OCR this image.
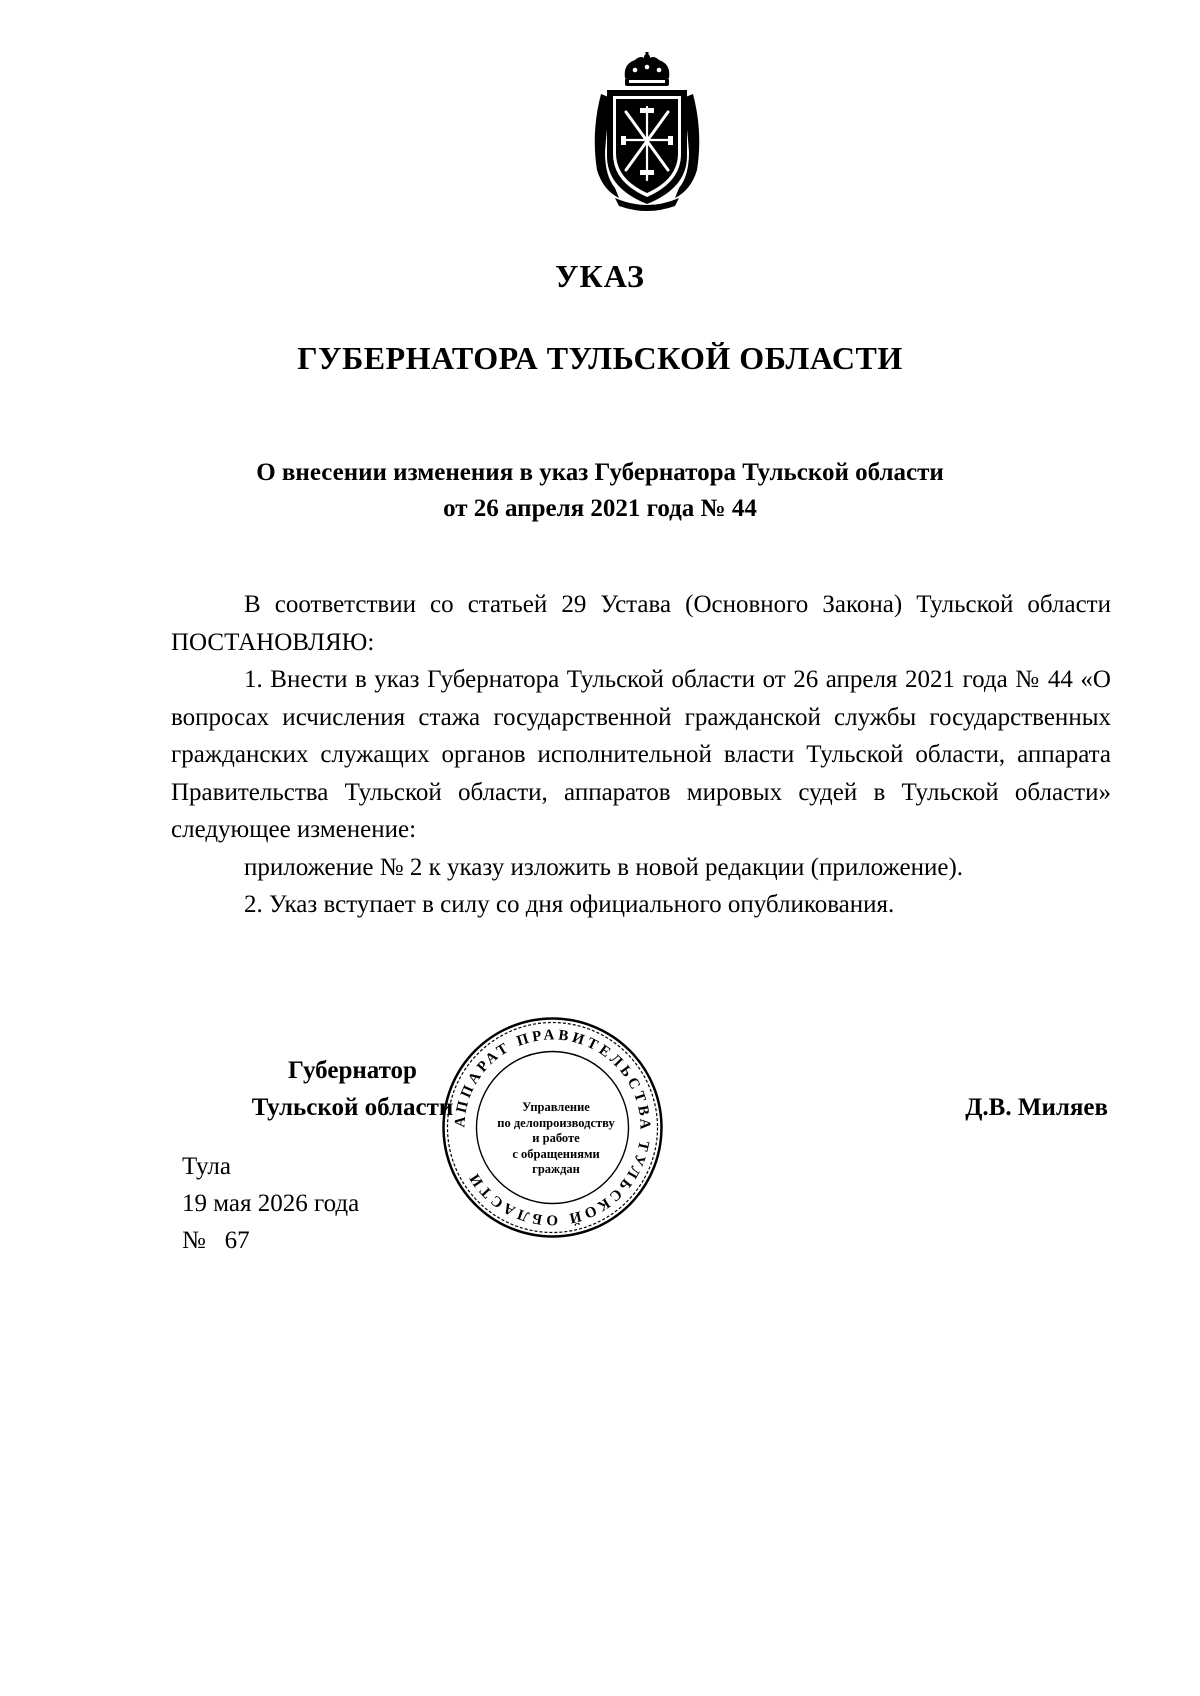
УКАЗ
ГУБЕРНАТОРА ТУЛЬСКОЙ ОБЛАСТИ
О внесении изменения в указ Губернатора Тульской области
от 26 апреля 2021 года № 44

В соответствии со статьей 29 Устава (Основного Закона) Тульской области ПОСТАНОВЛЯЮ:

1. Внести в указ Губернатора Тульской области от 26 апреля 2021 года № 44 «О вопросах исчисления стажа государственной гражданской службы государственных гражданских служащих органов исполнительной власти Тульской области, аппарата Правительства Тульской области, аппаратов мировых судей в Тульской области» следующее изменение:

приложение № 2 к указу изложить в новой редакции (приложение).

2. Указ вступает в силу со дня официального опубликования.

Губернатор
Тульской области	Д.В. Миляев
Тула
19 мая 2026 года
№   67
АППАРАТ ПРАВИТЕЛЬСТВА ТУЛЬСКОЙ ОБЛАСТИ
Управление
по делопроизводству
и работе
с обращениями
граждан
